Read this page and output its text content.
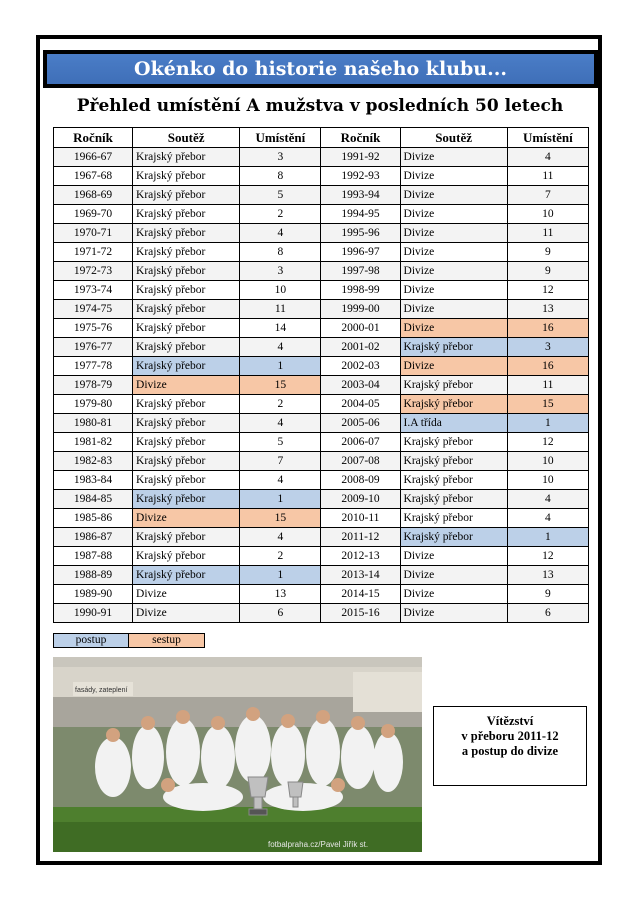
Okénko do historie našeho klubu...
Přehled umístění A mužstva v posledních 50 letech
Ročník	Soutěž	Umístění	Ročník	Soutěž	Umístění
1966-67	Krajský přebor	3	1991-92	Divize	4
1967-68	Krajský přebor	8	1992-93	Divize	11
1968-69	Krajský přebor	5	1993-94	Divize	7
1969-70	Krajský přebor	2	1994-95	Divize	10
1970-71	Krajský přebor	4	1995-96	Divize	11
1971-72	Krajský přebor	8	1996-97	Divize	9
1972-73	Krajský přebor	3	1997-98	Divize	9
1973-74	Krajský přebor	10	1998-99	Divize	12
1974-75	Krajský přebor	11	1999-00	Divize	13
1975-76	Krajský přebor	14	2000-01	Divize	16
1976-77	Krajský přebor	4	2001-02	Krajský přebor	3
1977-78	Krajský přebor	1	2002-03	Divize	16
1978-79	Divize	15	2003-04	Krajský přebor	11
1979-80	Krajský přebor	2	2004-05	Krajský přebor	15
1980-81	Krajský přebor	4	2005-06	I.A třída	1
1981-82	Krajský přebor	5	2006-07	Krajský přebor	12
1982-83	Krajský přebor	7	2007-08	Krajský přebor	10
1983-84	Krajský přebor	4	2008-09	Krajský přebor	10
1984-85	Krajský přebor	1	2009-10	Krajský přebor	4
1985-86	Divize	15	2010-11	Krajský přebor	4
1986-87	Krajský přebor	4	2011-12	Krajský přebor	1
1987-88	Krajský přebor	2	2012-13	Divize	12
1988-89	Krajský přebor	1	2013-14	Divize	13
1989-90	Divize	13	2014-15	Divize	9
1990-91	Divize	6	2015-16	Divize	6
postup	sestup
fasády, zateplení
fotbalpraha.cz/Pavel Jiřík st.
Vítězství
v přeboru 2011-12
a postup do divize
